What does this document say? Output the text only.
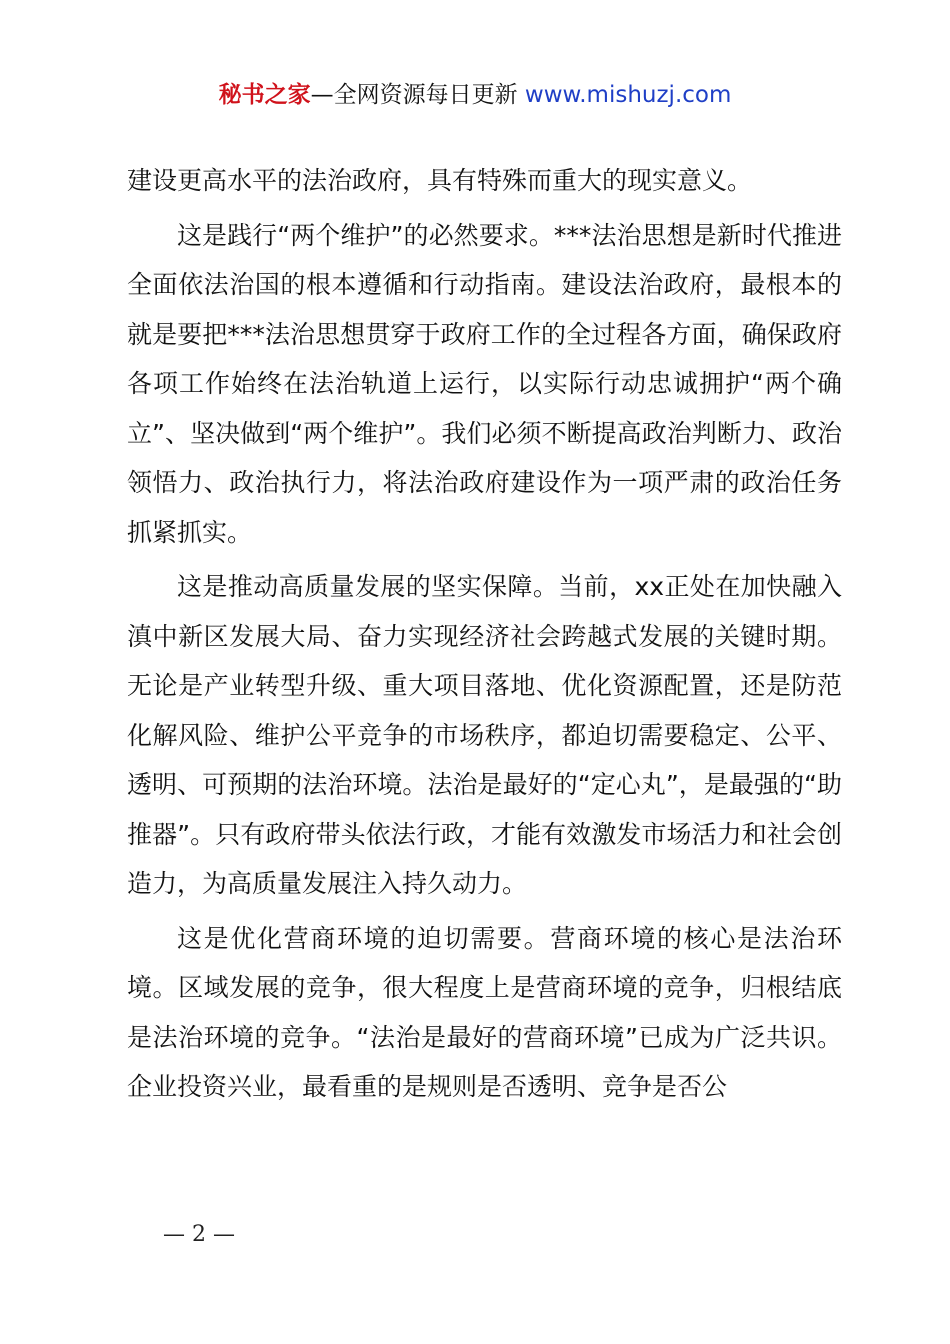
秘书之家—全网资源每日更新 www.mishuzj.com

建设更高水平的法治政府，具有特殊而重大的现实意义。

这是践行“两个维护”的必然要求。***法治思想是新时代推进全面依法治国的根本遵循和行动指南。建设法治政府，最根本的就是要把***法治思想贯穿于政府工作的全过程各方面，确保政府各项工作始终在法治轨道上运行，以实际行动忠诚拥护“两个确立”、坚决做到“两个维护”。我们必须不断提高政治判断力、政治领悟力、政治执行力，将法治政府建设作为一项严肃的政治任务抓紧抓实。

这是推动高质量发展的坚实保障。当前，xx正处在加快融入滇中新区发展大局、奋力实现经济社会跨越式发展的关键时期。无论是产业转型升级、重大项目落地、优化资源配置，还是防范化解风险、维护公平竞争的市场秩序，都迫切需要稳定、公平、透明、可预期的法治环境。法治是最好的“定心丸”，是最强的“助推器”。只有政府带头依法行政，才能有效激发市场活力和社会创造力，为高质量发展注入持久动力。

这是优化营商环境的迫切需要。营商环境的核心是法治环境。区域发展的竞争，很大程度上是营商环境的竞争，归根结底是法治环境的竞争。“法治是最好的营商环境”已成为广泛共识。企业投资兴业，最看重的是规则是否透明、竞争是否公

— 2 —
